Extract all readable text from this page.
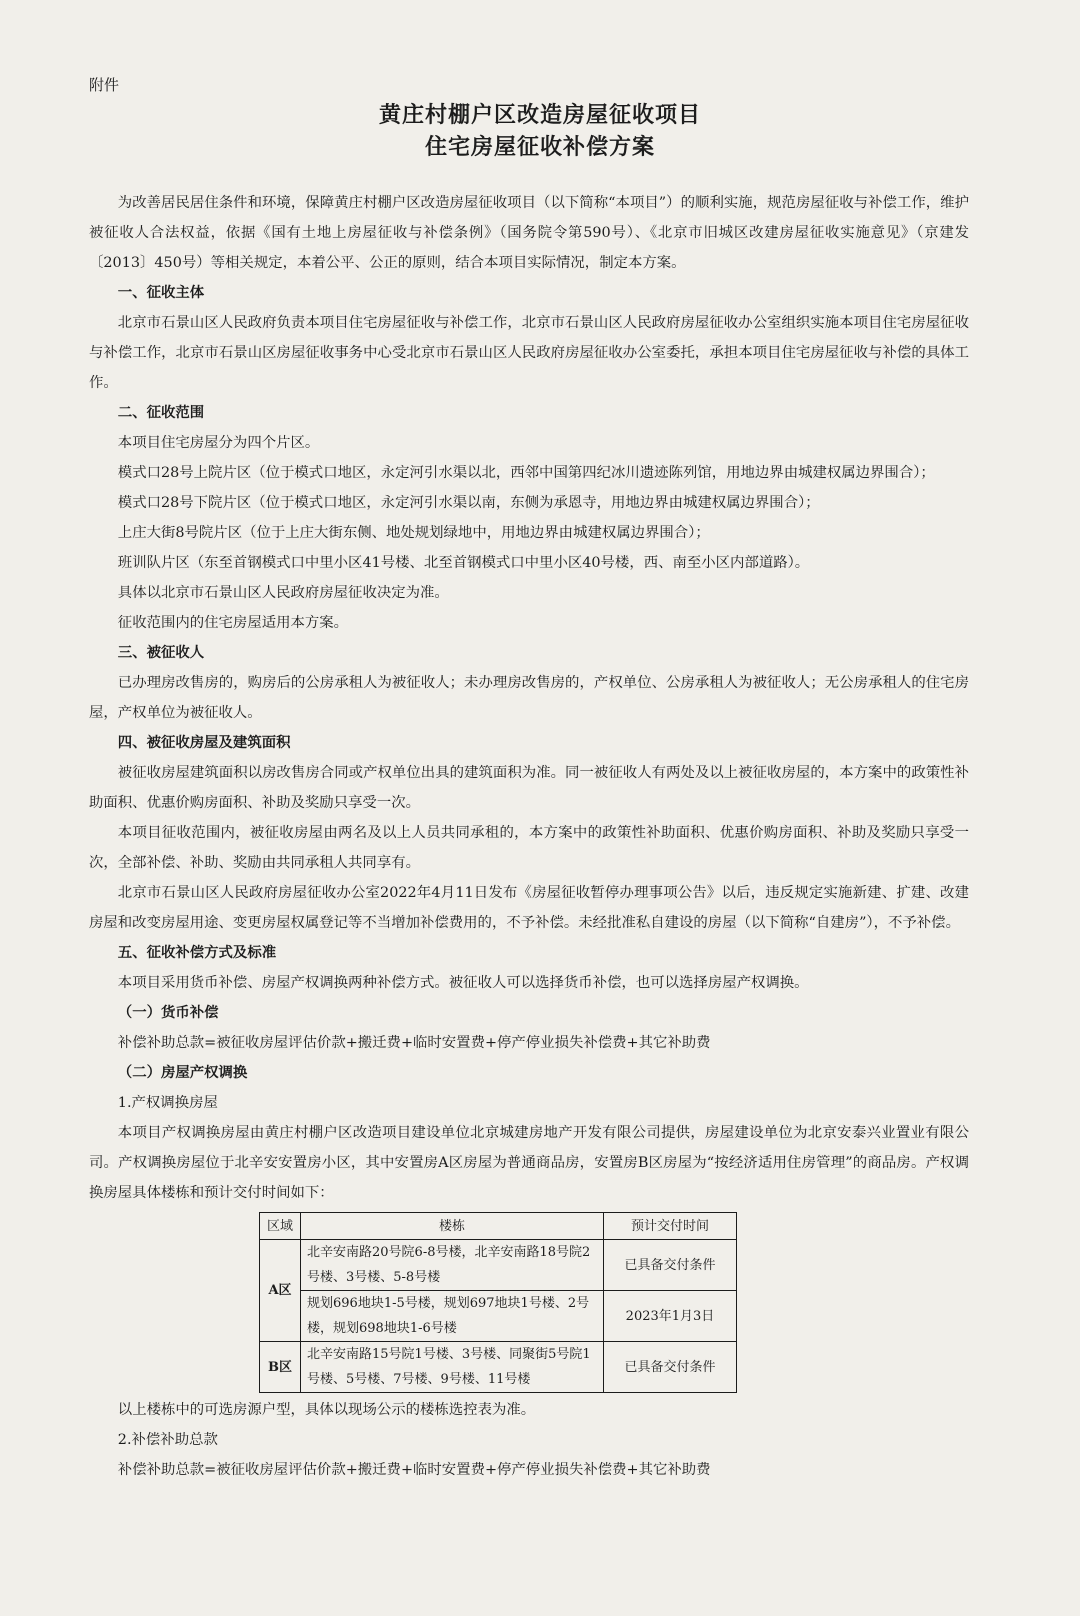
附件
黄庄村棚户区改造房屋征收项目
住宅房屋征收补偿方案

为改善居民居住条件和环境，保障黄庄村棚户区改造房屋征收项目（以下简称“本项目”）的顺利实施，规范房屋征收与补偿工作，维护被征收人合法权益，依据《国有土地上房屋征收与补偿条例》（国务院令第590号）、《北京市旧城区改建房屋征收实施意见》（京建发〔2013〕450号）等相关规定，本着公平、公正的原则，结合本项目实际情况，制定本方案。

一、征收主体

北京市石景山区人民政府负责本项目住宅房屋征收与补偿工作，北京市石景山区人民政府房屋征收办公室组织实施本项目住宅房屋征收与补偿工作，北京市石景山区房屋征收事务中心受北京市石景山区人民政府房屋征收办公室委托，承担本项目住宅房屋征收与补偿的具体工作。

二、征收范围

本项目住宅房屋分为四个片区。

模式口28号上院片区（位于模式口地区，永定河引水渠以北，西邻中国第四纪冰川遗迹陈列馆，用地边界由城建权属边界围合）；

模式口28号下院片区（位于模式口地区，永定河引水渠以南，东侧为承恩寺，用地边界由城建权属边界围合）；

上庄大街8号院片区（位于上庄大街东侧、地处规划绿地中，用地边界由城建权属边界围合）；

班训队片区（东至首钢模式口中里小区41号楼、北至首钢模式口中里小区40号楼，西、南至小区内部道路）。

具体以北京市石景山区人民政府房屋征收决定为准。

征收范围内的住宅房屋适用本方案。

三、被征收人

已办理房改售房的，购房后的公房承租人为被征收人；未办理房改售房的，产权单位、公房承租人为被征收人；无公房承租人的住宅房屋，产权单位为被征收人。

四、被征收房屋及建筑面积

被征收房屋建筑面积以房改售房合同或产权单位出具的建筑面积为准。同一被征收人有两处及以上被征收房屋的，本方案中的政策性补助面积、优惠价购房面积、补助及奖励只享受一次。

本项目征收范围内，被征收房屋由两名及以上人员共同承租的，本方案中的政策性补助面积、优惠价购房面积、补助及奖励只享受一次，全部补偿、补助、奖励由共同承租人共同享有。

北京市石景山区人民政府房屋征收办公室2022年4月11日发布《房屋征收暂停办理事项公告》以后，违反规定实施新建、扩建、改建房屋和改变房屋用途、变更房屋权属登记等不当增加补偿费用的，不予补偿。未经批准私自建设的房屋（以下简称“自建房”），不予补偿。

五、征收补偿方式及标准

本项目采用货币补偿、房屋产权调换两种补偿方式。被征收人可以选择货币补偿，也可以选择房屋产权调换。

（一）货币补偿

补偿补助总款=被征收房屋评估价款+搬迁费+临时安置费+停产停业损失补偿费+其它补助费

（二）房屋产权调换

1.产权调换房屋

本项目产权调换房屋由黄庄村棚户区改造项目建设单位北京城建房地产开发有限公司提供，房屋建设单位为北京安泰兴业置业有限公司。产权调换房屋位于北辛安安置房小区，其中安置房A区房屋为普通商品房，安置房B区房屋为“按经济适用住房管理”的商品房。产权调换房屋具体楼栋和预计交付时间如下：

区域	楼栋	预计交付时间
A区	北辛安南路20号院6-8号楼，北辛安南路18号院2号楼、3号楼、5-8号楼	已具备交付条件
	规划696地块1-5号楼，规划697地块1号楼、2号楼，规划698地块1-6号楼	2023年1月3日
B区	北辛安南路15号院1号楼、3号楼、同聚街5号院1号楼、5号楼、7号楼、9号楼、11号楼	已具备交付条件

以上楼栋中的可选房源户型，具体以现场公示的楼栋选控表为准。

2.补偿补助总款

补偿补助总款=被征收房屋评估价款+搬迁费+临时安置费+停产停业损失补偿费+其它补助费
